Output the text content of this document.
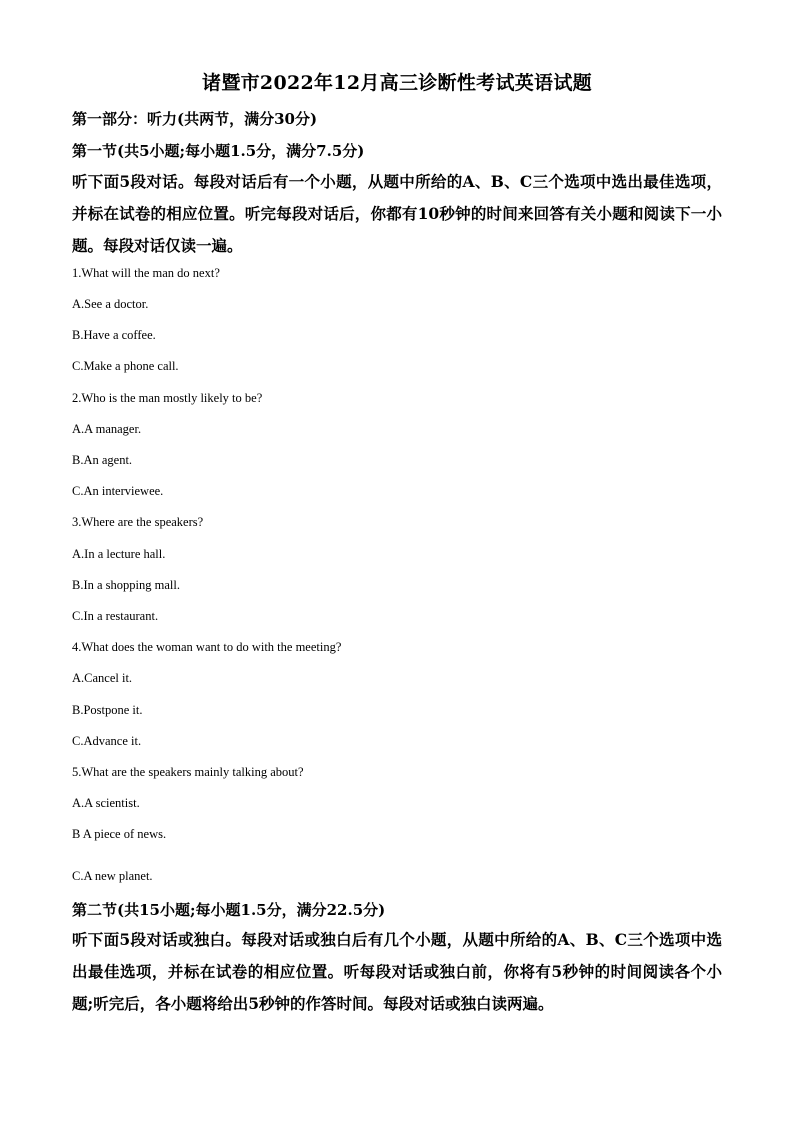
诸暨市2022年12月高三诊断性考试英语试题
第一部分：听力(共两节，满分30分)
第一节(共5小题;每小题1.5分，满分7.5分)
听下面5段对话。每段对话后有一个小题，从题中所给的A、B、C三个选项中选出最佳选项，并标在试卷的相应位置。听完每段对话后，你都有10秒钟的时间来回答有关小题和阅读下一小题。每段对话仅读一遍。
1.What will the man do next?
A.See a doctor.
B.Have a coffee.
C.Make a phone call.
2.Who is the man mostly likely to be?
A.A manager.
B.An agent.
C.An interviewee.
3.Where are the speakers?
A.In a lecture hall.
B.In a shopping mall.
C.In a restaurant.
4.What does the woman want to do with the meeting?
A.Cancel it.
B.Postpone it.
C.Advance it.
5.What are the speakers mainly talking about?
A.A scientist.
B A piece of news.
C.A new planet.
第二节(共15小题;每小题1.5分，满分22.5分)
听下面5段对话或独白。每段对话或独白后有几个小题，从题中所给的A、B、C三个选项中选出最佳选项，并标在试卷的相应位置。听每段对话或独白前，你将有5秒钟的时间阅读各个小题;听完后，各小题将给出5秒钟的作答时间。每段对话或独白读两遍。
